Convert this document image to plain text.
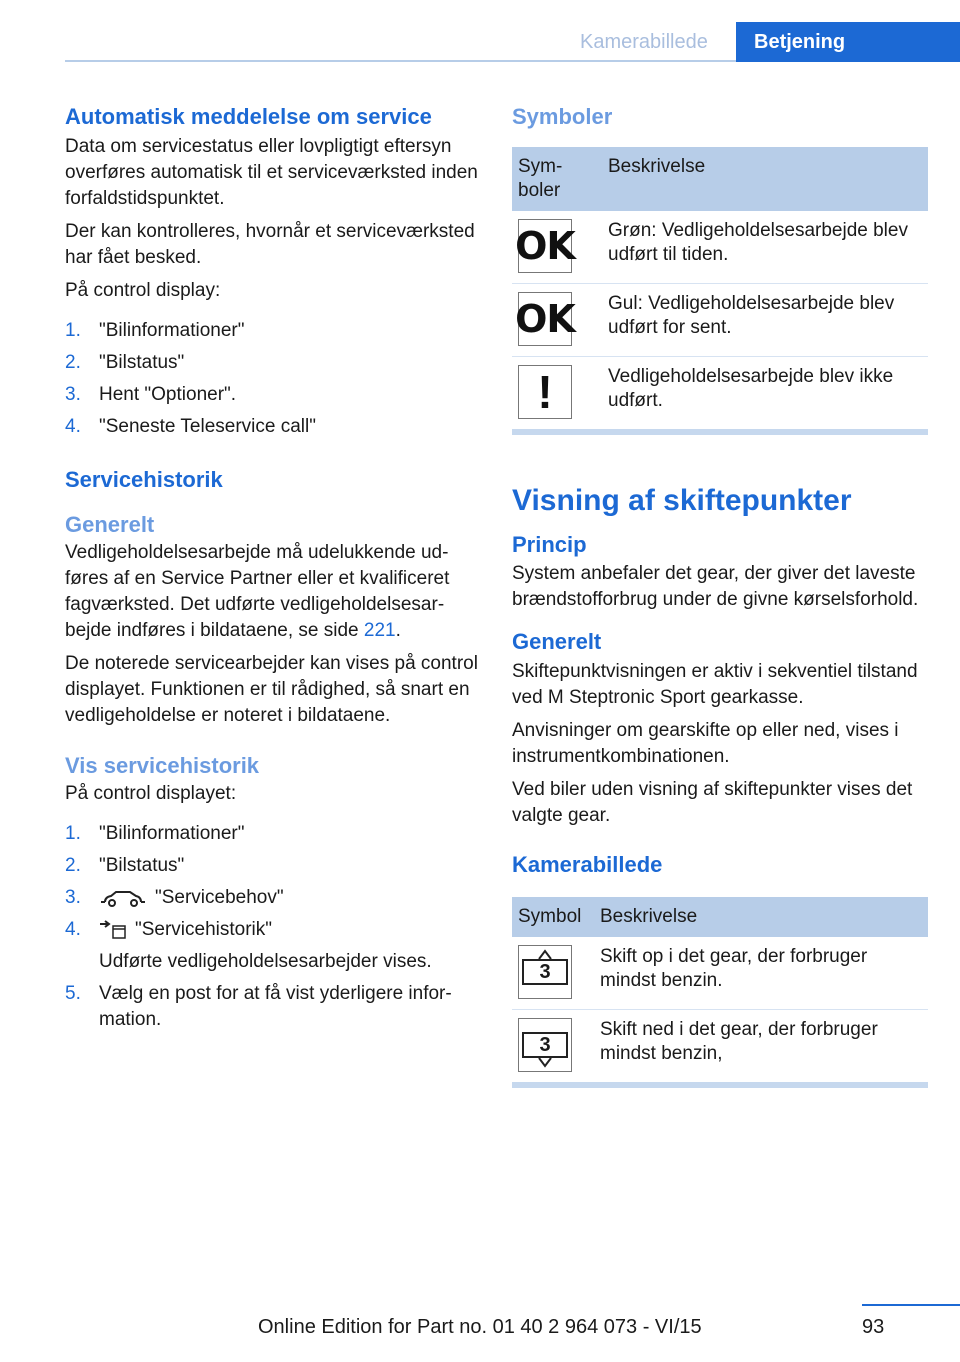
Kamerabillede	Betjening
Automatisk meddelelse om service

Data om servicestatus eller lovpligtigt eftersyn overføres automatisk til et serviceværksted inden forfaldstidspunktet.

Der kan kontrolleres, hvornår et serviceværksted har fået besked.

På control display:

1. "Bilinformationer"
2. "Bilstatus"
3. Hent "Optioner".
4. "Seneste Teleservice call"
Servicehistorik
Generelt

Vedligeholdelsesarbejde må udelukkende udføres af en Service Partner eller et kvalificeret fagværksted. Det udførte vedligeholdelsesarbejde indføres i bildataene, se side 221.

De noterede servicearbejder kan vises på control displayet. Funktionen er til rådighed, så snart en vedligeholdelse er noteret i bildataene.

Vis servicehistorik

På control displayet:

1. "Bilinformationer"
2. "Bilstatus"
3.	"Servicebehov"
4.	"Servicehistorik"
Udførte vedligeholdelsesarbejder vises.
5. Vælg en post for at få vist yderligere information.
Symboler
Symboler	Beskrivelse

OK	Grøn: Vedligeholdelsesarbejde blev udført til tiden.

OK	Gul: Vedligeholdelsesarbejde blev udført for sent.

!	Vedligeholdelsesarbejde blev ikke udført.
Visning af skiftepunkter
Princip

System anbefaler det gear, der giver det laveste brændstofforbrug under de givne kørselsforhold.

Generelt

Skiftepunktvisningen er aktiv i sekventiel tilstand ved M Steptronic Sport gearkasse.

Anvisninger om gearskifte op eller ned, vises i instrumentkombinationen.

Ved biler uden visning af skiftepunkter vises det valgte gear.

Kamerabillede
Symbol	Beskrivelse

3	Skift op i det gear, der forbruger mindst benzin.

3	Skift ned i det gear, der forbruger mindst benzin,
93
Online Edition for Part no. 01 40 2 964 073 - VI/15
